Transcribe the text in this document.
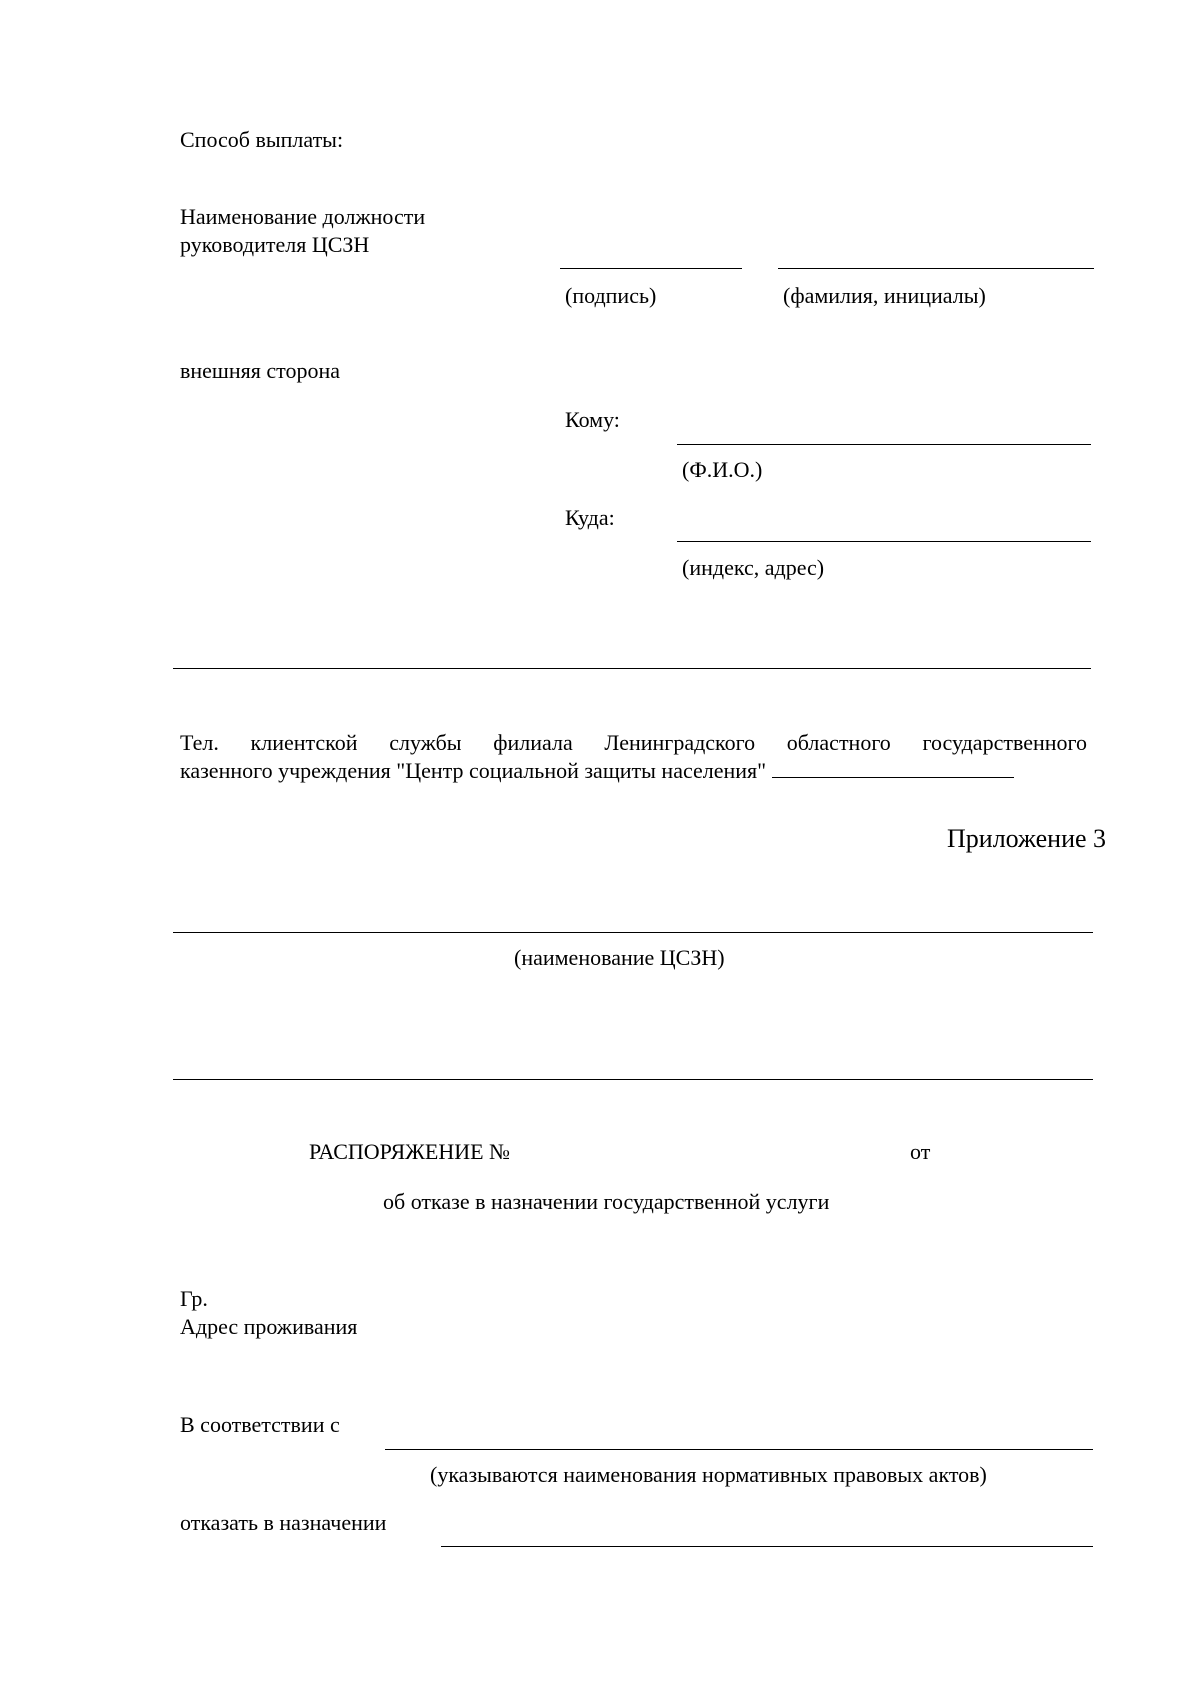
Способ выплаты:
Наименование должности
руководителя ЦСЗН
(подпись)	(фамилия, инициалы)
внешняя сторона
Кому:
(Ф.И.О.)
Куда:
(индекс, адрес)
Тел. клиентской службы филиала Ленинградского областного государственного
казенного учреждения "Центр социальной защиты населения"
Приложение 3
(наименование ЦСЗН)
РАСПОРЯЖЕНИЕ №	от
об отказе в назначении государственной услуги
Гр.
Адрес проживания
В соответствии с
(указываются наименования нормативных правовых актов)
отказать в назначении
